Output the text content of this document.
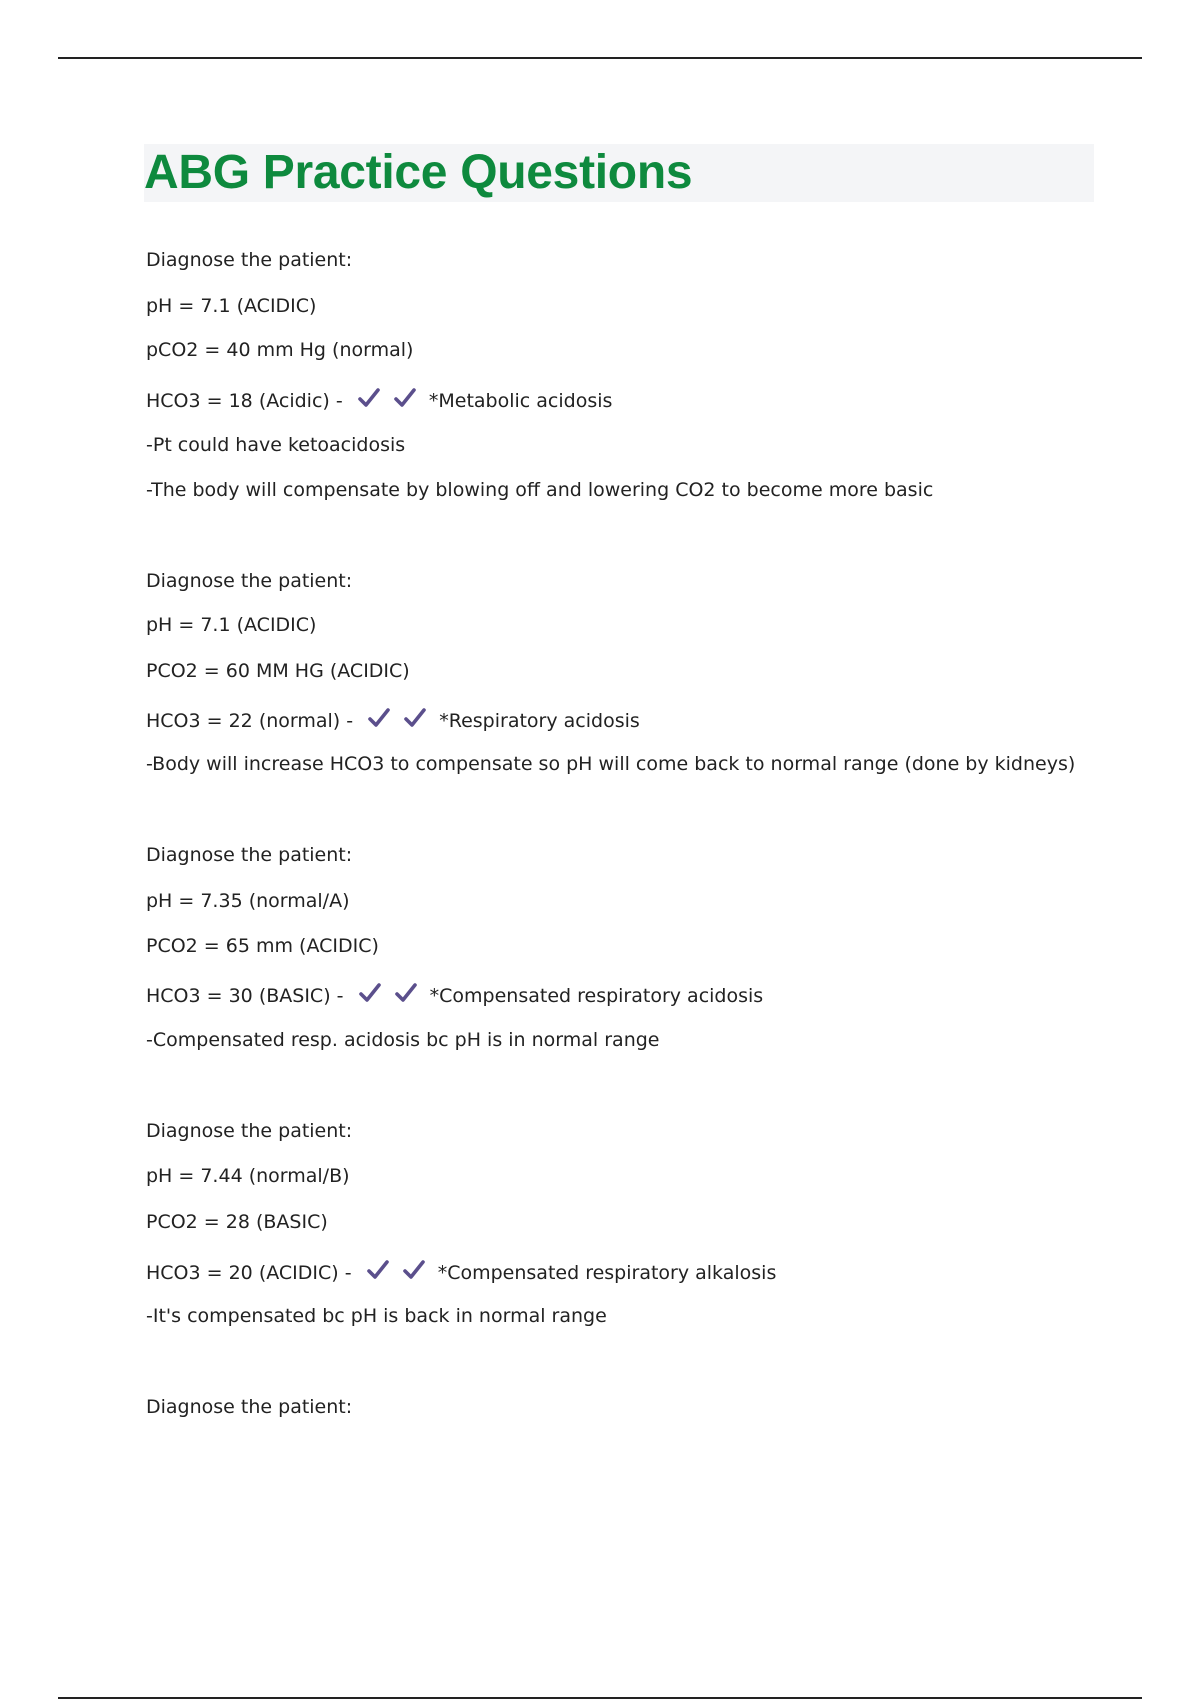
ABG Practice Questions

Diagnose the patient:

pH = 7.1 (ACIDIC)

pCO2 = 40 mm Hg (normal)

HCO3 = 18 (Acidic) -	*Metabolic acidosis

-Pt could have ketoacidosis

-The body will compensate by blowing off and lowering CO2 to become more basic

Diagnose the patient:

pH = 7.1 (ACIDIC)

PCO2 = 60 MM HG (ACIDIC)

HCO3 = 22 (normal) -	*Respiratory acidosis

-Body will increase HCO3 to compensate so pH will come back to normal range (done by kidneys)

Diagnose the patient:

pH = 7.35 (normal/A)

PCO2 = 65 mm (ACIDIC)

HCO3 = 30 (BASIC) -	*Compensated respiratory acidosis

-Compensated resp. acidosis bc pH is in normal range

Diagnose the patient:

pH = 7.44 (normal/B)

PCO2 = 28 (BASIC)

HCO3 = 20 (ACIDIC) -	*Compensated respiratory alkalosis

-It's compensated bc pH is back in normal range

Diagnose the patient:
